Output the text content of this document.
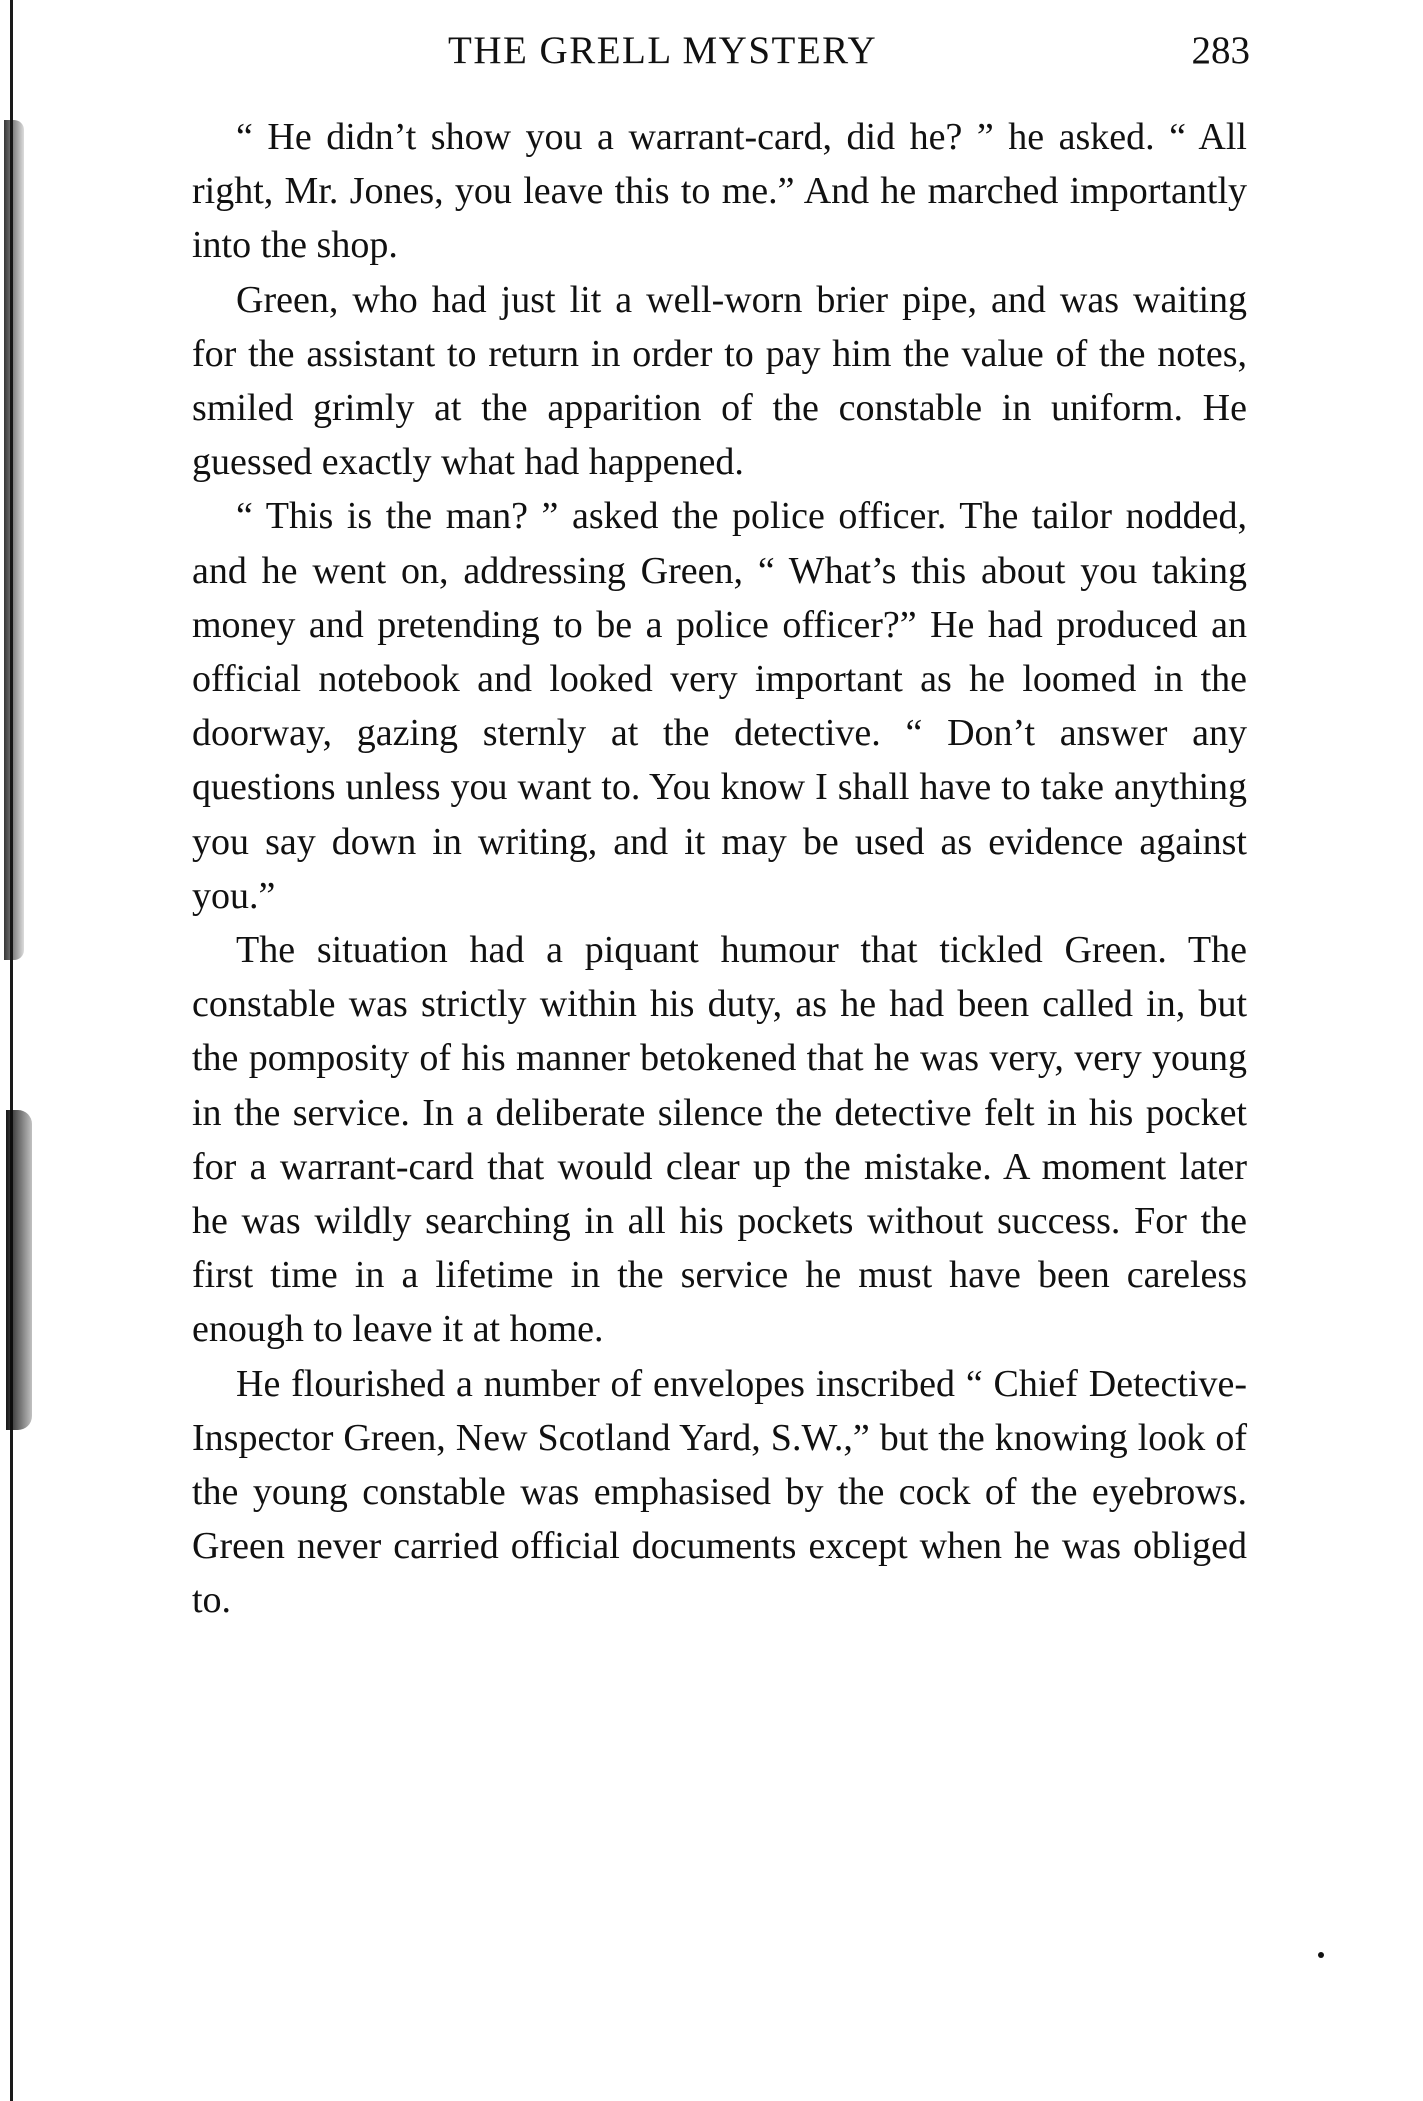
THE GRELL MYSTERY	283

“ He didn’t show you a warrant-card, did he? ” he asked. “ All right, Mr. Jones, you leave this to me.” And he marched importantly into the shop.

Green, who had just lit a well-worn brier pipe, and was waiting for the assistant to return in order to pay him the value of the notes, smiled grimly at the apparition of the constable in uniform. He guessed exactly what had happened.

“ This is the man? ” asked the police officer. The tailor nodded, and he went on, addressing Green, “ What’s this about you taking money and pretending to be a police officer?” He had produced an official notebook and looked very important as he loomed in the doorway, gazing sternly at the detective. “ Don’t answer any questions unless you want to. You know I shall have to take anything you say down in writing, and it may be used as evidence against you.”

The situation had a piquant humour that tickled Green. The constable was strictly within his duty, as he had been called in, but the pomposity of his manner betokened that he was very, very young in the service. In a deliberate silence the detective felt in his pocket for a warrant-card that would clear up the mistake. A moment later he was wildly searching in all his pockets without success. For the first time in a lifetime in the service he must have been careless enough to leave it at home.

He flourished a number of envelopes inscribed “ Chief Detective-Inspector Green, New Scotland Yard, S.W.,” but the knowing look of the young constable was emphasised by the cock of the eyebrows. Green never carried official documents except when he was obliged to.
